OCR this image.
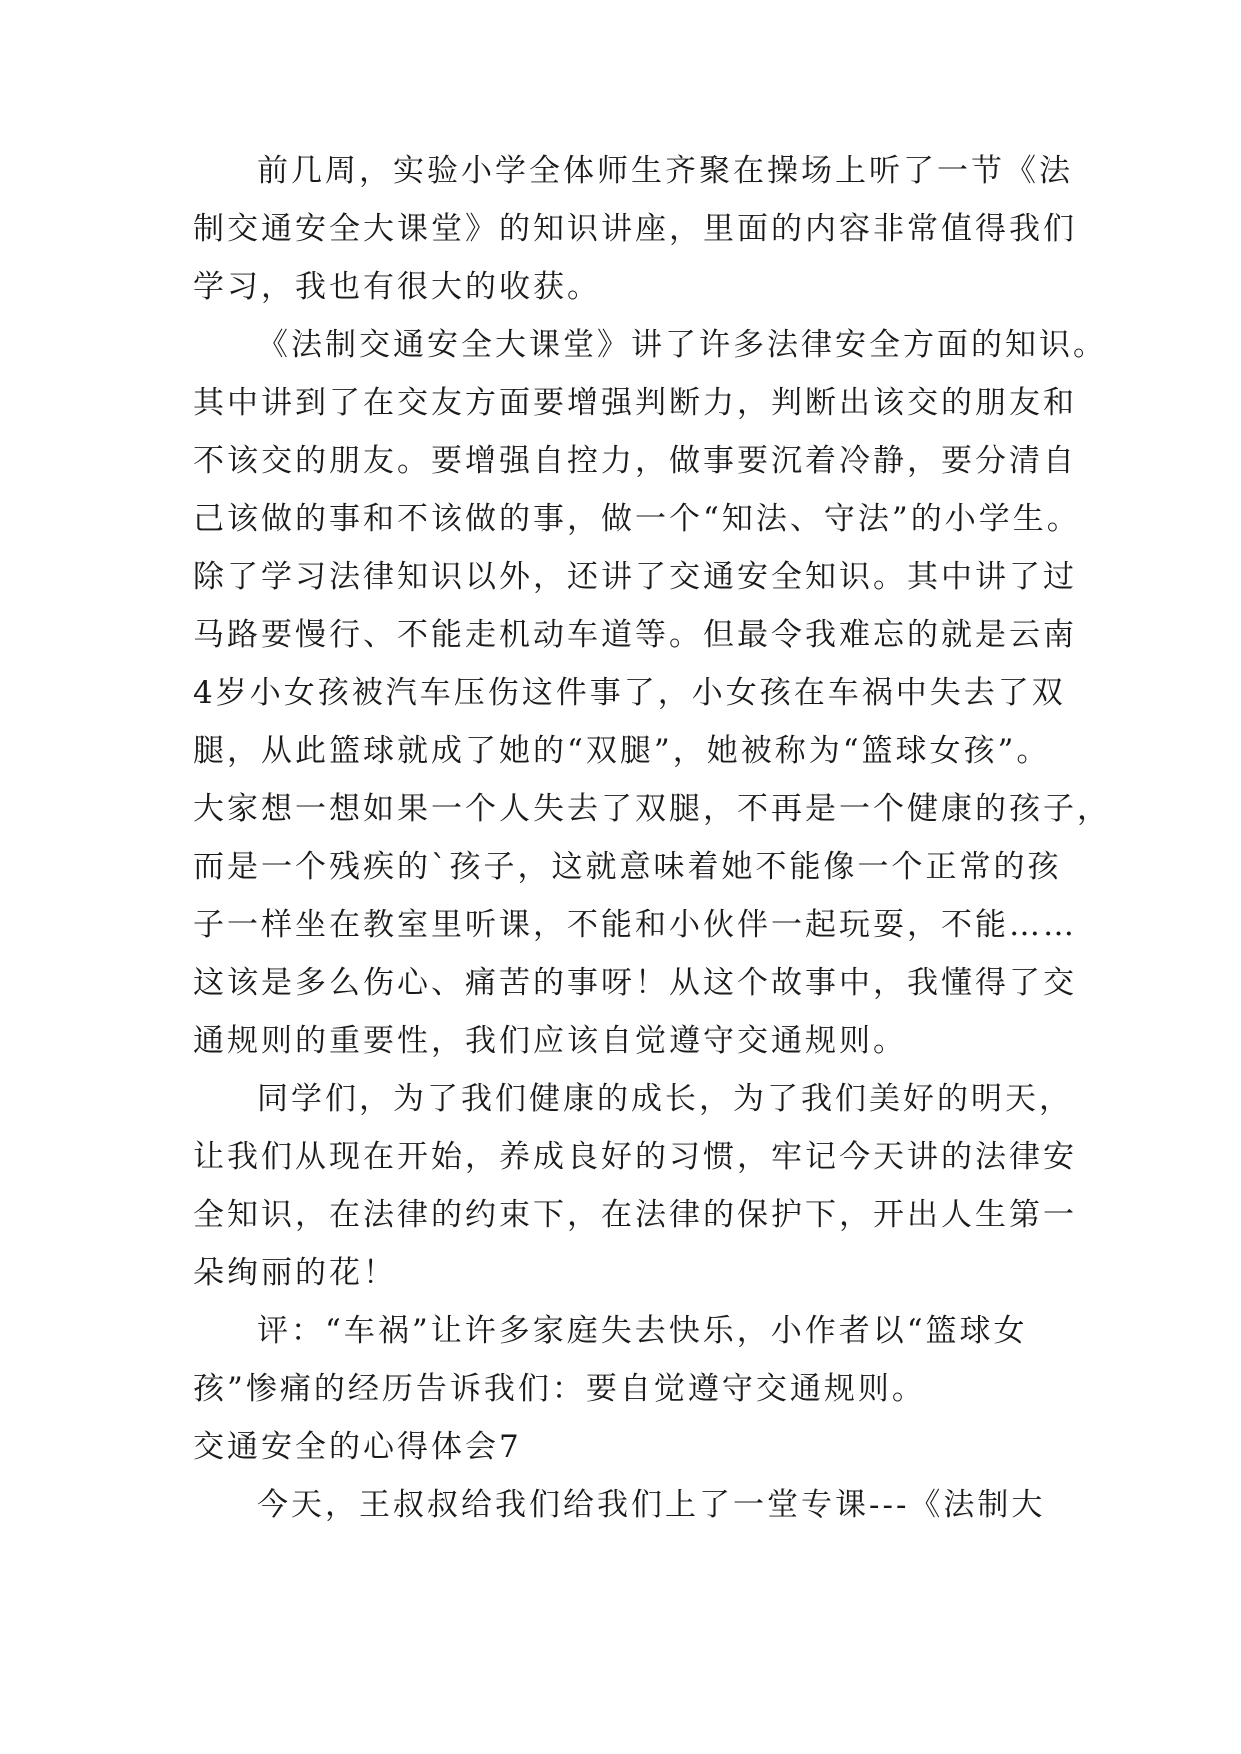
前几周，实验小学全体师生齐聚在操场上听了一节《法
制交通安全大课堂》的知识讲座，里面的内容非常值得我们
学习，我也有很大的收获。
《法制交通安全大课堂》讲了许多法律安全方面的知识。
其中讲到了在交友方面要增强判断力，判断出该交的朋友和
不该交的朋友。要增强自控力，做事要沉着冷静，要分清自
己该做的事和不该做的事，做一个“知法、守法”的小学生。
除了学习法律知识以外，还讲了交通安全知识。其中讲了过
马路要慢行、不能走机动车道等。但最令我难忘的就是云南
4岁小女孩被汽车压伤这件事了，小女孩在车祸中失去了双
腿，从此篮球就成了她的“双腿”，她被称为“篮球女孩”。
大家想一想如果一个人失去了双腿，不再是一个健康的孩子，
而是一个残疾的`孩子，这就意味着她不能像一个正常的孩
子一样坐在教室里听课，不能和小伙伴一起玩耍，不能……
这该是多么伤心、痛苦的事呀！从这个故事中，我懂得了交
通规则的重要性，我们应该自觉遵守交通规则。
同学们，为了我们健康的成长，为了我们美好的明天，
让我们从现在开始，养成良好的习惯，牢记今天讲的法律安
全知识，在法律的约束下，在法律的保护下，开出人生第一
朵绚丽的花！
评：“车祸”让许多家庭失去快乐，小作者以“篮球女
孩”惨痛的经历告诉我们：要自觉遵守交通规则。
交通安全的心得体会7
今天，王叔叔给我们给我们上了一堂专课---《法制大
